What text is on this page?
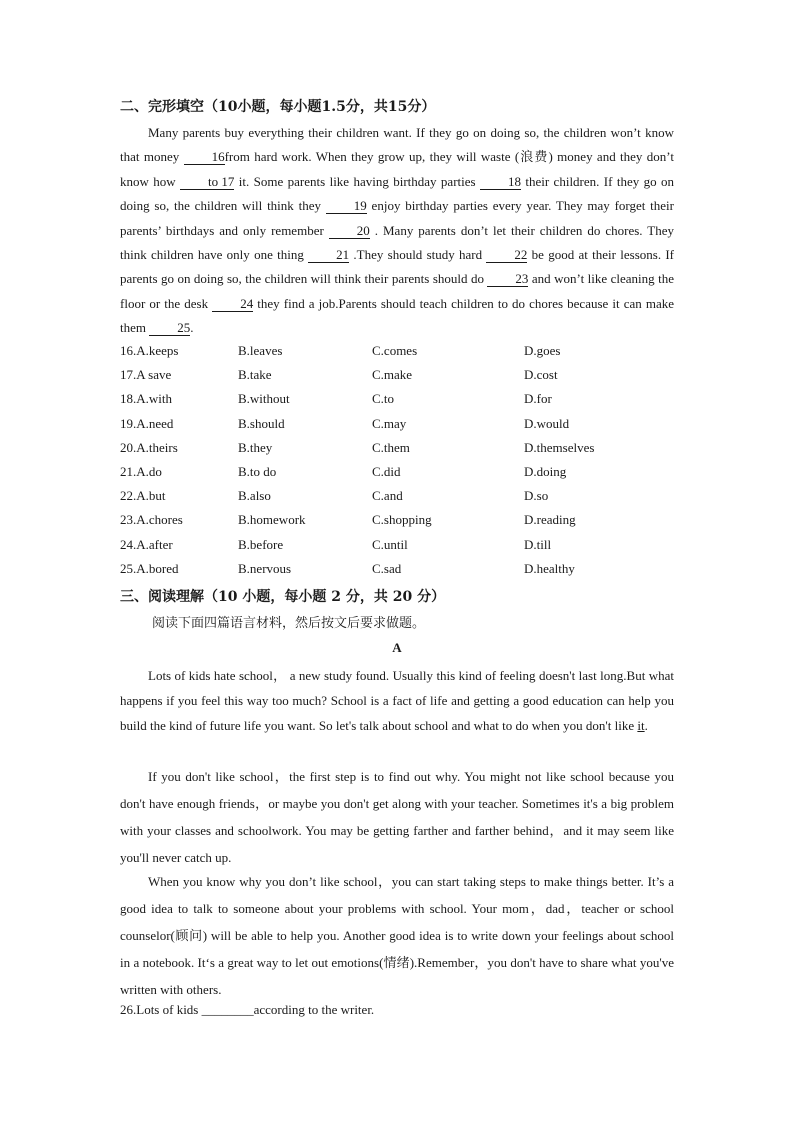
二、完形填空（10小题，每小题1.5分，共15分）
Many parents buy everything their children want. If they go on doing so, the children won’t know that money 16from hard work. When they grow up, they will waste (浪费) money and they don’t know how to 17 it. Some parents like having birthday parties 18 their children. If they go on doing so, the children will think they 19 enjoy birthday parties every year. They may forget their parents’ birthdays and only remember 20 . Many parents don’t let their children do chores. They think children have only one thing 21 .They should study hard 22 be good at their lessons. If parents go on doing so, the children will think their parents should do 23 and won’t like cleaning the floor or the desk 24 they find a job.Parents should teach children to do chores because it can make them 25.
16.A.keeps	B.leaves	C.comes	D.goes
17.A save	B.take	C.make	D.cost
18.A.with	B.without	C.to	D.for
19.A.need	B.should	C.may	D.would
20.A.theirs	B.they	C.them	D.themselves
21.A.do	B.to do	C.did	D.doing
22.A.but	B.also	C.and	D.so
23.A.chores	B.homework	C.shopping	D.reading
24.A.after	B.before	C.until	D.till
25.A.bored	B.nervous	C.sad	D.healthy
三、阅读理解（10 小题，每小题 2 分，共 20 分）
阅读下面四篇语言材料，然后按文后要求做题。
A
Lots of kids hate school， a new study found. Usually this kind of feeling doesn't last long.But what happens if you feel this way too much? School is a fact of life and getting a good education can help you build the kind of future life you want. So let's talk about school and what to do when you don't like it.
If you don't like school，the first step is to find out why. You might not like school because you don't have enough friends，or maybe you don't get along with your teacher. Sometimes it's a big problem with your classes and schoolwork. You may be getting farther and farther behind，and it may seem like you'll never catch up.
When you know why you don’t like school，you can start taking steps to make things better. It’s a good idea to talk to someone about your problems with school. Your mom，dad，teacher or school counselor(顾问) will be able to help you. Another good idea is to write down your feelings about school in a notebook. It‘s a great way to let out emotions(情绪).Remember，you don't have to share what you've written with others.
26.Lots of kids ________according to the writer.
